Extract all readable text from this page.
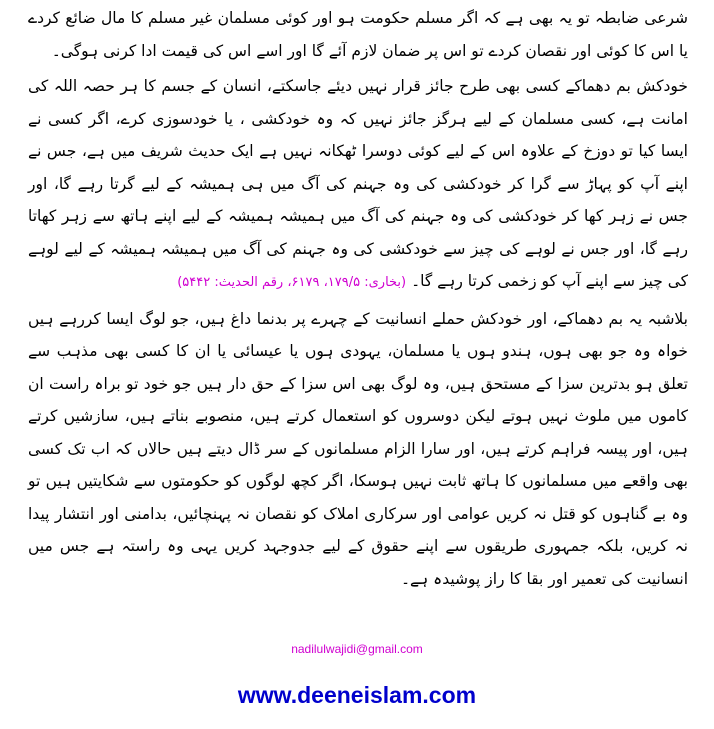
شرعی ضابطہ تو یہ بھی ہے کہ اگر مسلم حکومت ہو اور کوئی مسلمان غیر مسلم کا مال ضائع کردے یا اس کا کوئی اور نقصان کردے تو اس پر ضمان لازم آئے گا اور اسے اس کی قیمت ادا کرنی ہوگی۔

خودکش بم دھماکے کسی بھی طرح جائز قرار نہیں دیئے جاسکتے، انسان کے جسم کا ہر حصہ اللہ کی امانت ہے، کسی مسلمان کے لیے ہرگز جائز نہیں کہ وہ خودکشی ، یا خودسوزی کرے، اگر کسی نے ایسا کیا تو دوزخ کے علاوہ اس کے لیے کوئی دوسرا ٹھکانہ نہیں ہے ایک حدیث شریف میں ہے، جس نے اپنے آپ کو پہاڑ سے گرا کر خودکشی کی وہ جہنم کی آگ میں ہی ہمیشہ کے لیے گرتا رہے گا، اور جس نے زہر کھا کر خودکشی کی وہ جہنم کی آگ میں ہمیشہ ہمیشہ کے لیے اپنے ہاتھ سے زہر کھاتا رہے گا، اور جس نے لوہے کی چیز سے خودکشی کی وہ جہنم کی آگ میں ہمیشہ ہمیشہ کے لیے لوہے کی چیز سے اپنے آپ کو زخمی کرتا رہے گا۔ (بخاری: ۱۷۹/۵، ۶۱۷۹، رقم الحدیث: ۵۴۴۲)

بلاشبہ یہ بم دھماکے، اور خودکش حملے انسانیت کے چہرے پر بدنما داغ ہیں، جو لوگ ایسا کررہے ہیں خواہ وہ جو بھی ہوں، ہندو ہوں یا مسلمان، یہودی ہوں یا عیسائی یا ان کا کسی بھی مذہب سے تعلق ہو بدترین سزا کے مستحق ہیں، وہ لوگ بھی اس سزا کے حق دار ہیں جو خود تو براہ راست ان کاموں میں ملوث نہیں ہوتے لیکن دوسروں کو استعمال کرتے ہیں، منصوبے بناتے ہیں، سازشیں کرتے ہیں، اور پیسہ فراہم کرتے ہیں، اور سارا الزام مسلمانوں کے سر ڈال دیتے ہیں حالاں کہ اب تک کسی بھی واقعے میں مسلمانوں کا ہاتھ ثابت نہیں ہوسکا، اگر کچھ لوگوں کو حکومتوں سے شکایتیں ہیں تو وہ بے گناہوں کو قتل نہ کریں عوامی اور سرکاری املاک کو نقصان نہ پہنچائیں، بدامنی اور انتشار پیدا نہ کریں، بلکہ جمہوری طریقوں سے اپنے حقوق کے لیے جدوجہد کریں یہی وہ راستہ ہے جس میں انسانیت کی تعمیر اور بقا کا راز پوشیدہ ہے۔

nadilulwajidi@gmail.com
www.deeneislam.com
